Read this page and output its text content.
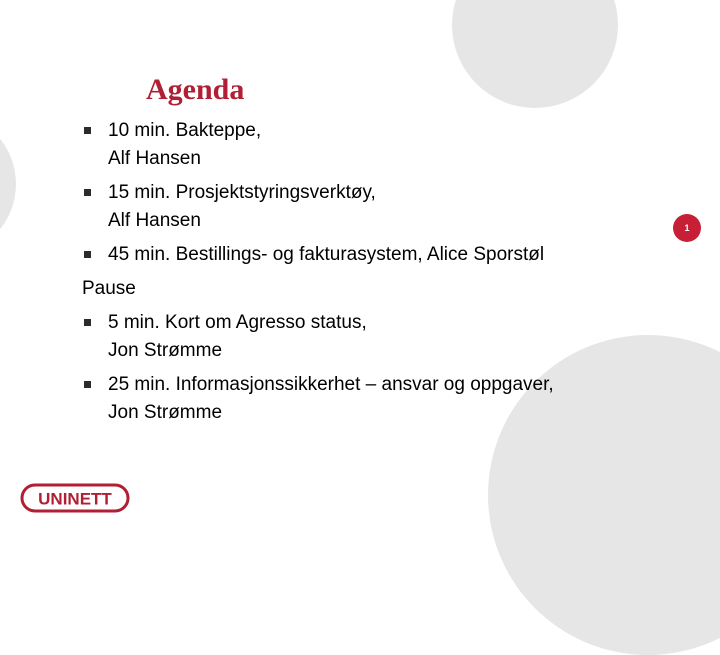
Agenda
10 min. Bakteppe,
Alf Hansen
15 min. Prosjektstyringsverktøy,
Alf Hansen
45 min. Bestillings- og fakturasystem, Alice Sporstøl
Pause
5 min. Kort om Agresso status,
Jon Strømme
25 min. Informasjonssikkerhet – ansvar og oppgaver,
Jon Strømme
1
UNINETT
